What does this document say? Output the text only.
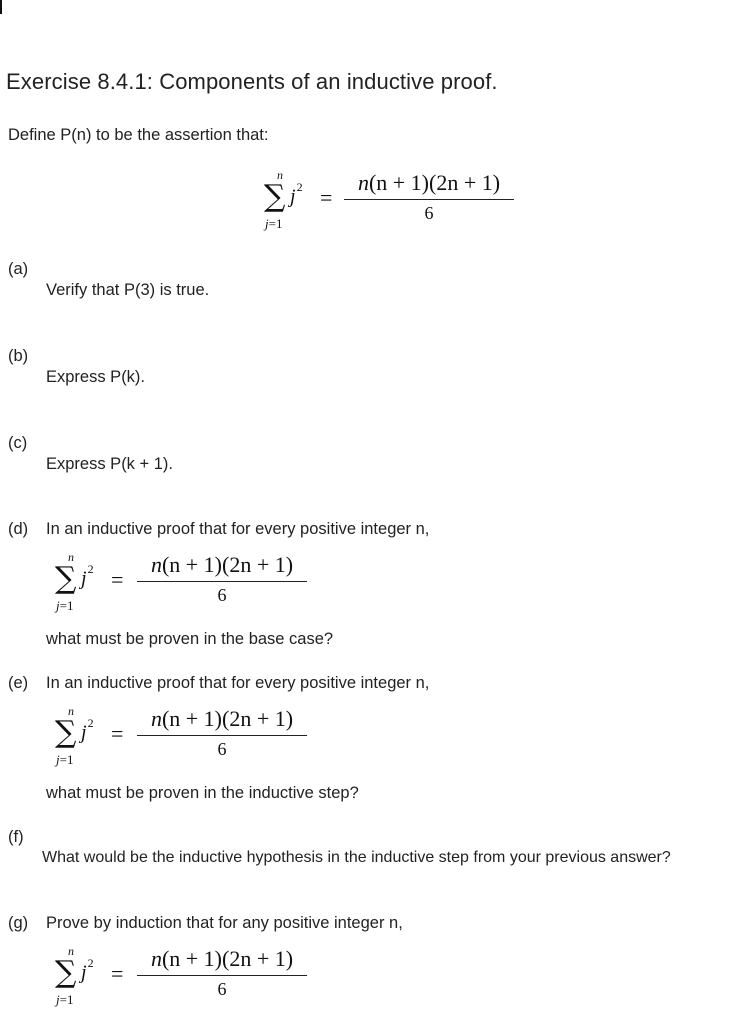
Exercise 8.4.1: Components of an inductive proof.
Define P(n) to be the assertion that:
n
∑
j=1
$j^2$ =
n(n + 1)(2n + 1)
6
(a)
Verify that P(3) is true.
(b)
Express P(k).
(c)
Express P(k + 1).
(d) In an inductive proof that for every positive integer n,
n
∑
j=1
$j^2$ =
n(n + 1)(2n + 1)
6
what must be proven in the base case?
(e) In an inductive proof that for every positive integer n,
n
∑
j=1
$j^2$ =
n(n + 1)(2n + 1)
6
what must be proven in the inductive step?
(f)
What would be the inductive hypothesis in the inductive step from your previous answer?
(g) Prove by induction that for any positive integer n,
n
∑
j=1
$j^2$ =
n(n + 1)(2n + 1)
6
